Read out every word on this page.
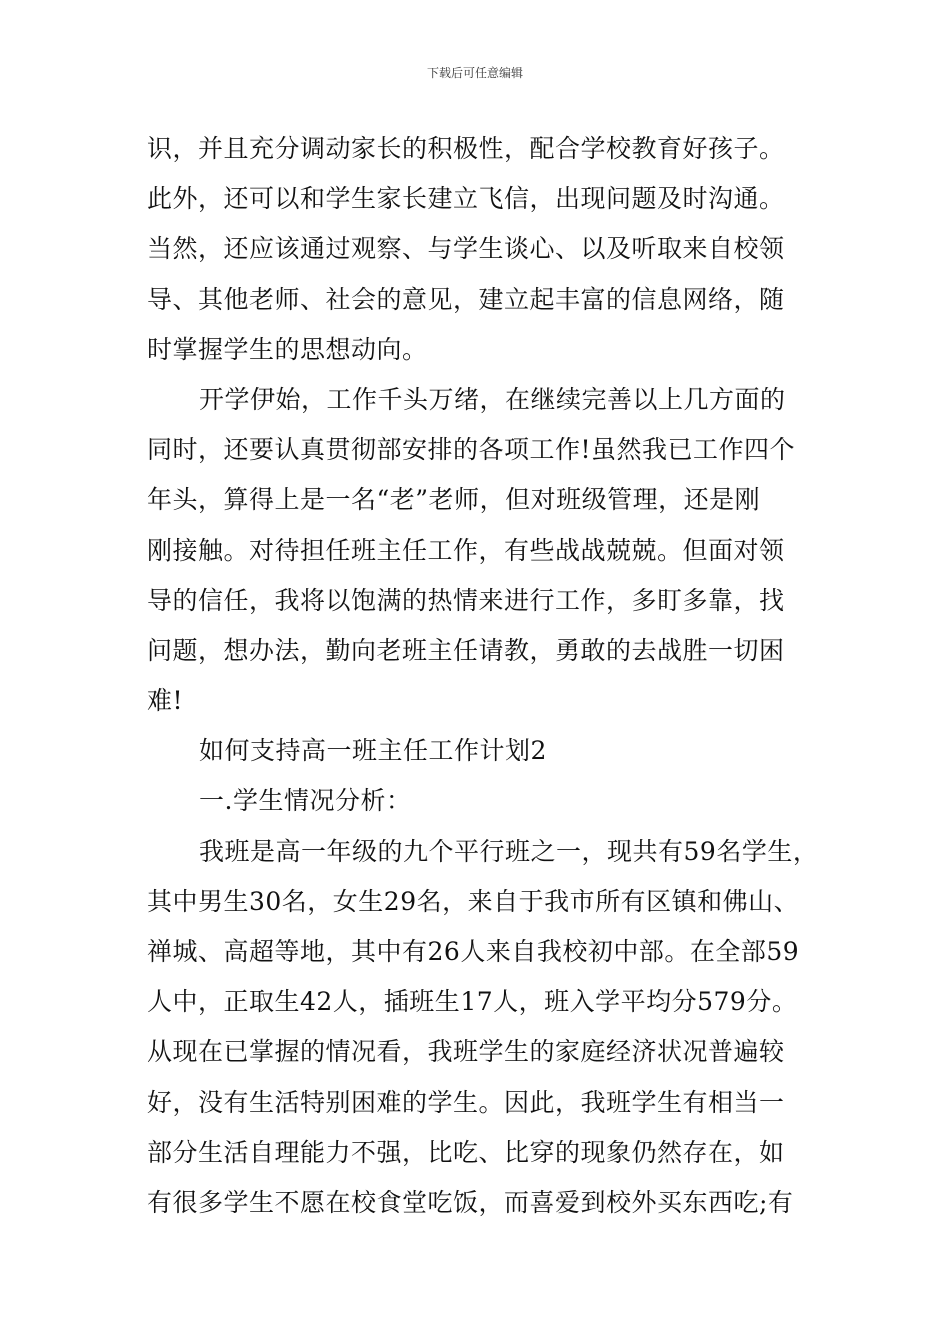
下载后可任意编辑
识，并且充分调动家长的积极性，配合学校教育好孩子。
此外，还可以和学生家长建立飞信，出现问题及时沟通。
当然，还应该通过观察、与学生谈心、以及听取来自校领
导、其他老师、社会的意见，建立起丰富的信息网络，随
时掌握学生的思想动向。
开学伊始，工作千头万绪，在继续完善以上几方面的
同时，还要认真贯彻部安排的各项工作!虽然我已工作四个
年头，算得上是一名“老”老师，但对班级管理，还是刚
刚接触。对待担任班主任工作，有些战战兢兢。但面对领
导的信任，我将以饱满的热情来进行工作，多盯多靠，找
问题，想办法，勤向老班主任请教，勇敢的去战胜一切困
难!
如何支持高一班主任工作计划2
一.学生情况分析：
我班是高一年级的九个平行班之一，现共有59名学生，
其中男生30名，女生29名，来自于我市所有区镇和佛山、
禅城、高超等地，其中有26人来自我校初中部。在全部59
人中，正取生42人，插班生17人，班入学平均分579分。
从现在已掌握的情况看，我班学生的家庭经济状况普遍较
好，没有生活特别困难的学生。因此，我班学生有相当一
部分生活自理能力不强，比吃、比穿的现象仍然存在，如
有很多学生不愿在校食堂吃饭，而喜爱到校外买东西吃;有
